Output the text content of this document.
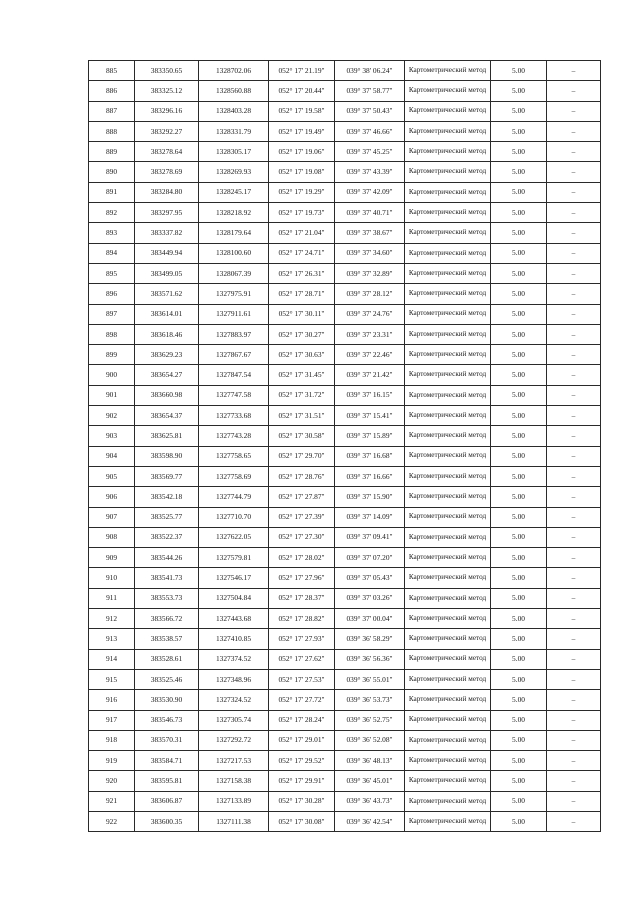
885	383350.65	1328702.06	052° 17' 21.19"	039° 38' 06.24"	Картометрический метод	5.00	–
886	383325.12	1328560.88	052° 17' 20.44"	039° 37' 58.77"	Картометрический метод	5.00	–
887	383296.16	1328403.28	052° 17' 19.58"	039° 37' 50.43"	Картометрический метод	5.00	–
888	383292.27	1328331.79	052° 17' 19.49"	039° 37' 46.66"	Картометрический метод	5.00	–
889	383278.64	1328305.17	052° 17' 19.06"	039° 37' 45.25"	Картометрический метод	5.00	–
890	383278.69	1328269.93	052° 17' 19.08"	039° 37' 43.39"	Картометрический метод	5.00	–
891	383284.80	1328245.17	052° 17' 19.29"	039° 37' 42.09"	Картометрический метод	5.00	–
892	383297.95	1328218.92	052° 17' 19.73"	039° 37' 40.71"	Картометрический метод	5.00	–
893	383337.82	1328179.64	052° 17' 21.04"	039° 37' 38.67"	Картометрический метод	5.00	–
894	383449.94	1328100.60	052° 17' 24.71"	039° 37' 34.60"	Картометрический метод	5.00	–
895	383499.05	1328067.39	052° 17' 26.31"	039° 37' 32.89"	Картометрический метод	5.00	–
896	383571.62	1327975.91	052° 17' 28.71"	039° 37' 28.12"	Картометрический метод	5.00	–
897	383614.01	1327911.61	052° 17' 30.11"	039° 37' 24.76"	Картометрический метод	5.00	–
898	383618.46	1327883.97	052° 17' 30.27"	039° 37' 23.31"	Картометрический метод	5.00	–
899	383629.23	1327867.67	052° 17' 30.63"	039° 37' 22.46"	Картометрический метод	5.00	–
900	383654.27	1327847.54	052° 17' 31.45"	039° 37' 21.42"	Картометрический метод	5.00	–
901	383660.98	1327747.58	052° 17' 31.72"	039° 37' 16.15"	Картометрический метод	5.00	–
902	383654.37	1327733.68	052° 17' 31.51"	039° 37' 15.41"	Картометрический метод	5.00	–
903	383625.81	1327743.28	052° 17' 30.58"	039° 37' 15.89"	Картометрический метод	5.00	–
904	383598.90	1327758.65	052° 17' 29.70"	039° 37' 16.68"	Картометрический метод	5.00	–
905	383569.77	1327758.69	052° 17' 28.76"	039° 37' 16.66"	Картометрический метод	5.00	–
906	383542.18	1327744.79	052° 17' 27.87"	039° 37' 15.90"	Картометрический метод	5.00	–
907	383525.77	1327710.70	052° 17' 27.39"	039° 37' 14.09"	Картометрический метод	5.00	–
908	383522.37	1327622.05	052° 17' 27.30"	039° 37' 09.41"	Картометрический метод	5.00	–
909	383544.26	1327579.81	052° 17' 28.02"	039° 37' 07.20"	Картометрический метод	5.00	–
910	383541.73	1327546.17	052° 17' 27.96"	039° 37' 05.43"	Картометрический метод	5.00	–
911	383553.73	1327504.84	052° 17' 28.37"	039° 37' 03.26"	Картометрический метод	5.00	–
912	383566.72	1327443.68	052° 17' 28.82"	039° 37' 00.04"	Картометрический метод	5.00	–
913	383538.57	1327410.85	052° 17' 27.93"	039° 36' 58.29"	Картометрический метод	5.00	–
914	383528.61	1327374.52	052° 17' 27.62"	039° 36' 56.36"	Картометрический метод	5.00	–
915	383525.46	1327348.96	052° 17' 27.53"	039° 36' 55.01"	Картометрический метод	5.00	–
916	383530.90	1327324.52	052° 17' 27.72"	039° 36' 53.73"	Картометрический метод	5.00	–
917	383546.73	1327305.74	052° 17' 28.24"	039° 36' 52.75"	Картометрический метод	5.00	–
918	383570.31	1327292.72	052° 17' 29.01"	039° 36' 52.08"	Картометрический метод	5.00	–
919	383584.71	1327217.53	052° 17' 29.52"	039° 36' 48.13"	Картометрический метод	5.00	–
920	383595.81	1327158.38	052° 17' 29.91"	039° 36' 45.01"	Картометрический метод	5.00	–
921	383606.87	1327133.89	052° 17' 30.28"	039° 36' 43.73"	Картометрический метод	5.00	–
922	383600.35	1327111.38	052° 17' 30.08"	039° 36' 42.54"	Картометрический метод	5.00	–
